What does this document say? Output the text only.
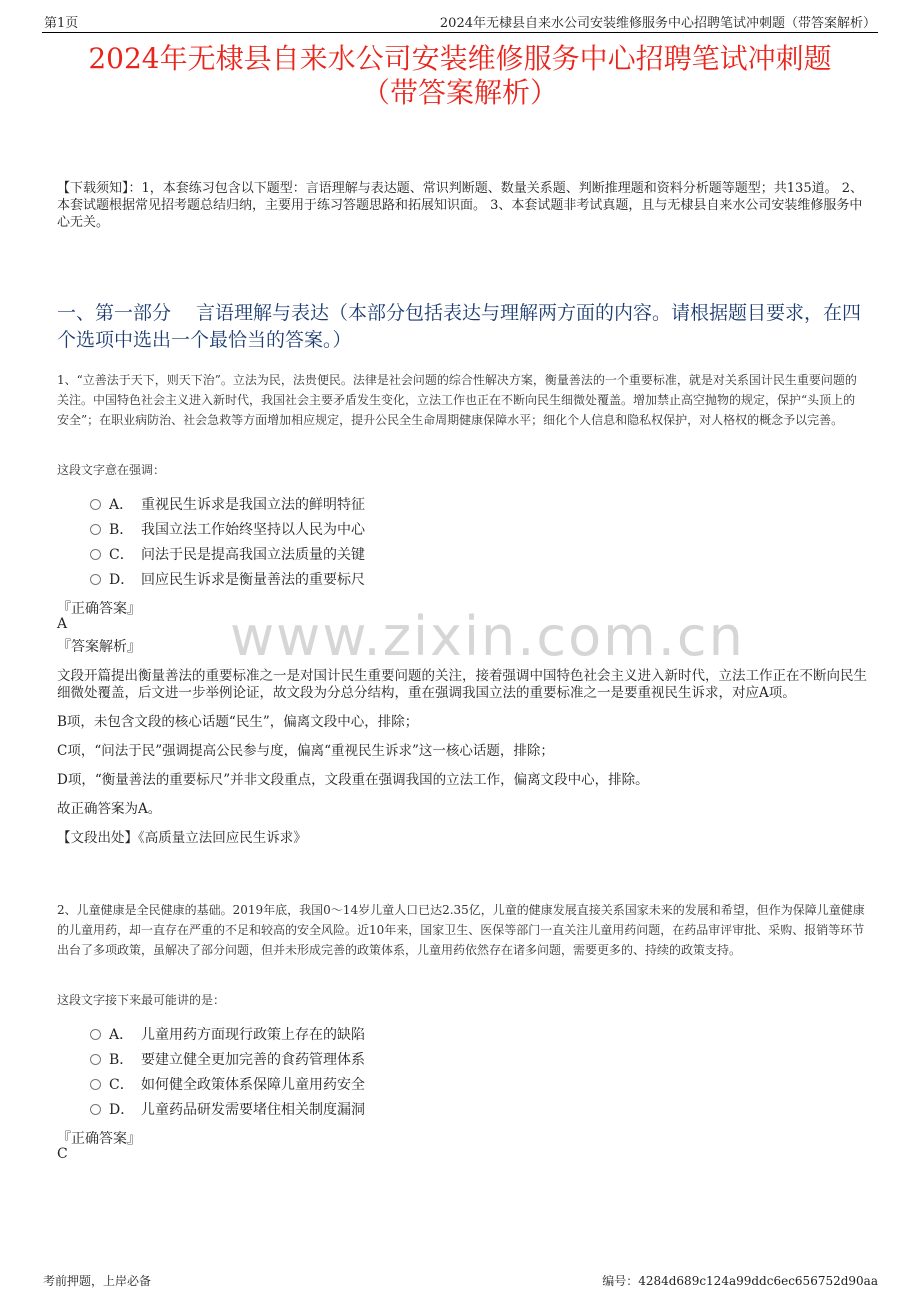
第1页	2024年无棣县自来水公司安装维修服务中心招聘笔试冲刺题（带答案解析）
2024年无棣县自来水公司安装维修服务中心招聘笔试冲刺题
（带答案解析）
【下载须知】：1，本套练习包含以下题型：言语理解与表达题、常识判断题、数量关系题、判断推理题和资料分析题等题型；共135道。 2、本套试题根据常见招考题总结归纳，主要用于练习答题思路和拓展知识面。 3、本套试题非考试真题，且与无棣县自来水公司安装维修服务中心无关。
一、第一部分　 言语理解与表达（本部分包括表达与理解两方面的内容。请根据题目要求，在四个选项中选出一个最恰当的答案。）
www.zixin.com.cn
1、“立善法于天下，则天下治”。立法为民，法贵便民。法律是社会问题的综合性解决方案，衡量善法的一个重要标准，就是对关系国计民生重要问题的关注。中国特色社会主义进入新时代，我国社会主要矛盾发生变化，立法工作也正在不断向民生细微处覆盖。增加禁止高空抛物的规定，保护“头顶上的安全”；在职业病防治、社会急救等方面增加相应规定，提升公民全生命周期健康保障水平；细化个人信息和隐私权保护，对人格权的概念予以完善。
这段文字意在强调：
A． 重视民生诉求是我国立法的鲜明特征
B． 我国立法工作始终坚持以人民为中心
C． 问法于民是提高我国立法质量的关键
D． 回应民生诉求是衡量善法的重要标尺
『正确答案』
A
『答案解析』

文段开篇提出衡量善法的重要标准之一是对国计民生重要问题的关注，接着强调中国特色社会主义进入新时代，立法工作正在不断向民生细微处覆盖，后文进一步举例论证，故文段为分总分结构，重在强调我国立法的重要标准之一是要重视民生诉求，对应A项。

B项，未包含文段的核心话题“民生”，偏离文段中心，排除；

C项，“问法于民”强调提高公民参与度，偏离“重视民生诉求”这一核心话题，排除；

D项，“衡量善法的重要标尺”并非文段重点，文段重在强调我国的立法工作，偏离文段中心，排除。

故正确答案为A。

【文段出处】《高质量立法回应民生诉求》

2、儿童健康是全民健康的基础。2019年底，我国0～14岁儿童人口已达2.35亿，儿童的健康发展直接关系国家未来的发展和希望，但作为保障儿童健康的儿童用药，却一直存在严重的不足和较高的安全风险。近10年来，国家卫生、医保等部门一直关注儿童用药问题，在药品审评审批、采购、报销等环节出台了多项政策，虽解决了部分问题，但并未形成完善的政策体系，儿童用药依然存在诸多问题，需要更多的、持续的政策支持。
这段文字接下来最可能讲的是：
A． 儿童用药方面现行政策上存在的缺陷
B． 要建立健全更加完善的食药管理体系
C． 如何健全政策体系保障儿童用药安全
D． 儿童药品研发需要堵住相关制度漏洞
『正确答案』
C
考前押题，上岸必备	编号：4284d689c124a99ddc6ec656752d90aa
